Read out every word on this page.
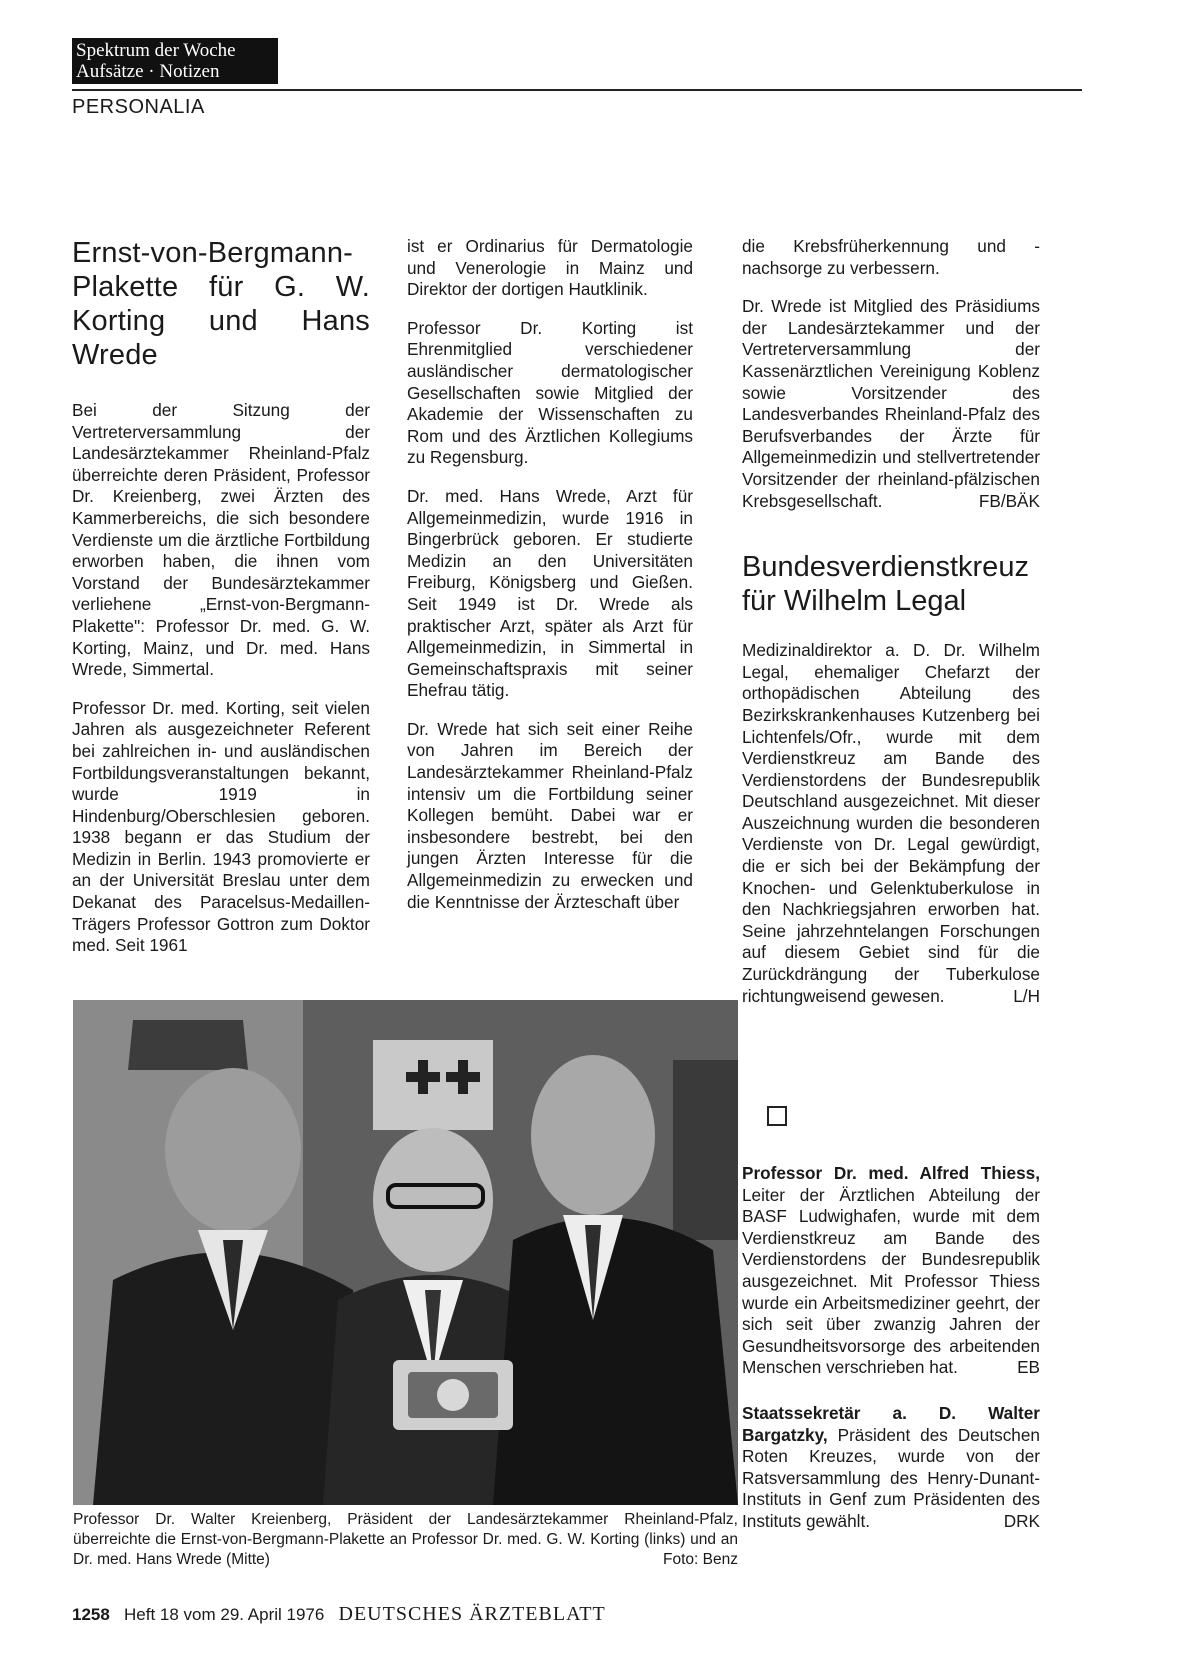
Spektrum der Woche
Aufsätze · Notizen
PERSONALIA
Ernst-von-Bergmann-Plakette für G. W. Korting und Hans Wrede

Bei der Sitzung der Vertreterversammlung der Landesärztekammer Rheinland-Pfalz überreichte deren Präsident, Professor Dr. Kreienberg, zwei Ärzten des Kammerbereichs, die sich besondere Verdienste um die ärztliche Fortbildung erworben haben, die ihnen vom Vorstand der Bundesärztekammer verliehene „Ernst-von-Bergmann-Plakette": Professor Dr. med. G. W. Korting, Mainz, und Dr. med. Hans Wrede, Simmertal.

Professor Dr. med. Korting, seit vielen Jahren als ausgezeichneter Referent bei zahlreichen in- und ausländischen Fortbildungsveranstaltungen bekannt, wurde 1919 in Hindenburg/Oberschlesien geboren. 1938 begann er das Studium der Medizin in Berlin. 1943 promovierte er an der Universität Breslau unter dem Dekanat des Paracelsus-Medaillen-Trägers Professor Gottron zum Doktor med. Seit 1961

ist er Ordinarius für Dermatologie und Venerologie in Mainz und Direktor der dortigen Hautklinik.

Professor Dr. Korting ist Ehrenmitglied verschiedener ausländischer dermatologischer Gesellschaften sowie Mitglied der Akademie der Wissenschaften zu Rom und des Ärztlichen Kollegiums zu Regensburg.

Dr. med. Hans Wrede, Arzt für Allgemeinmedizin, wurde 1916 in Bingerbrück geboren. Er studierte Medizin an den Universitäten Freiburg, Königsberg und Gießen. Seit 1949 ist Dr. Wrede als praktischer Arzt, später als Arzt für Allgemeinmedizin, in Simmertal in Gemeinschaftspraxis mit seiner Ehefrau tätig.

Dr. Wrede hat sich seit einer Reihe von Jahren im Bereich der Landesärztekammer Rheinland-Pfalz intensiv um die Fortbildung seiner Kollegen bemüht. Dabei war er insbesondere bestrebt, bei den jungen Ärzten Interesse für die Allgemeinmedizin zu erwecken und die Kenntnisse der Ärzteschaft über

die Krebsfrüherkennung und -nachsorge zu verbessern.

Dr. Wrede ist Mitglied des Präsidiums der Landesärztekammer und der Vertreterversammlung der Kassenärztlichen Vereinigung Koblenz sowie Vorsitzender des Landesverbandes Rheinland-Pfalz des Berufsverbandes der Ärzte für Allgemeinmedizin und stellvertretender Vorsitzender der rheinland-pfälzischen Krebsgesellschaft.	FB/BÄK

Bundesverdienstkreuz für Wilhelm Legal

Medizinaldirektor a. D. Dr. Wilhelm Legal, ehemaliger Chefarzt der orthopädischen Abteilung des Bezirkskrankenhauses Kutzenberg bei Lichtenfels/Ofr., wurde mit dem Verdienstkreuz am Bande des Verdienstordens der Bundesrepublik Deutschland ausgezeichnet. Mit dieser Auszeichnung wurden die besonderen Verdienste von Dr. Legal gewürdigt, die er sich bei der Bekämpfung der Knochen- und Gelenktuberkulose in den Nachkriegsjahren erworben hat. Seine jahrzehntelangen Forschungen auf diesem Gebiet sind für die Zurückdrängung der Tuberkulose richtungweisend gewesen.	L/H

Professor Dr. med. Alfred Thiess, Leiter der Ärztlichen Abteilung der BASF Ludwighafen, wurde mit dem Verdienstkreuz am Bande des Verdienstordens der Bundesrepublik ausgezeichnet. Mit Professor Thiess wurde ein Arbeitsmediziner geehrt, der sich seit über zwanzig Jahren der Gesundheitsvorsorge des arbeitenden Menschen verschrieben hat.	EB

Staatssekretär a. D. Walter Bargatzky, Präsident des Deutschen Roten Kreuzes, wurde von der Ratsversammlung des Henry-Dunant-Instituts in Genf zum Präsidenten des Instituts gewählt.	DRK

Professor Dr. Walter Kreienberg, Präsident der Landesärztekammer Rheinland-Pfalz, überreichte die Ernst-von-Bergmann-Plakette an Professor Dr. med. G. W. Korting (links) und an Dr. med. Hans Wrede (Mitte)	Foto: Benz
1258 Heft 18 vom 29. April 1976 DEUTSCHES ÄRZTEBLATT
